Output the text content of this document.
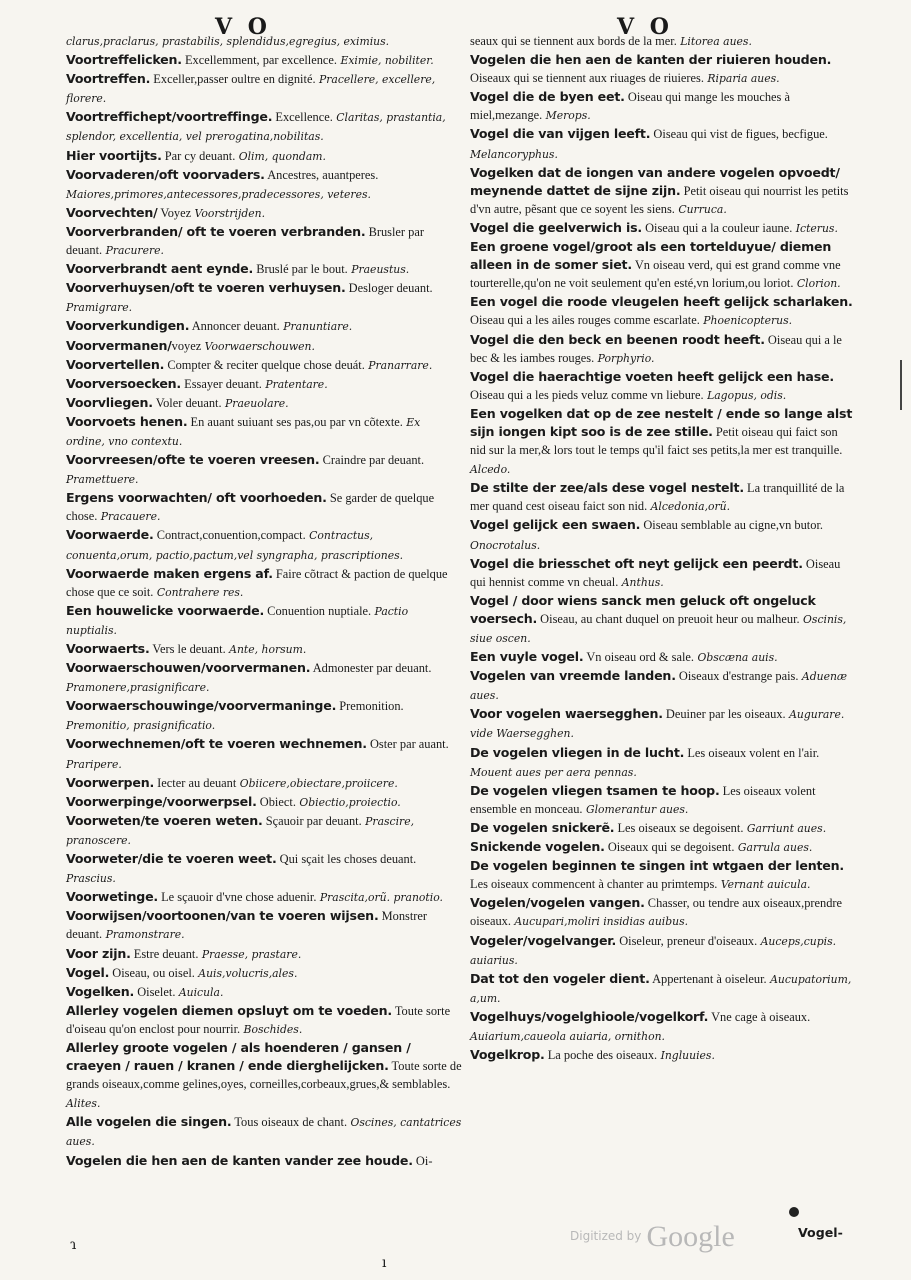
V O	V O

clarus,praclarus, prastabilis, splendidus,egregius, eximius.

Voortreffelicken. Excellemment, par excellence. Eximie, nobiliter.

Voortreffen. Exceller,passer oultre en dignité. Pracellere, excellere, florere.

Voortreffichept/voortreffinge. Excellence. Claritas, prastantia, splendor, excellentia, vel prerogatina,nobilitas.

Hier voortijts. Par cy deuant. Olim, quondam.

Voorvaderen/oft voorvaders. Ancestres, auantperes. Maiores,primores,antecessores,pradecessores, veteres.

Voorvechten/ Voyez Voorstrijden.

Voorverbranden/ oft te voeren verbranden. Brusler par deuant. Pracurere.

Voorverbrandt aent eynde. Bruslé par le bout. Praeustus.

Voorverhuysen/oft te voeren verhuysen. Desloger deuant. Pramigrare.

Voorverkundigen. Annoncer deuant. Pranuntiare.

Voorvermanen/voyez Voorwaerschouwen.

Voorvertellen. Compter & reciter quelque chose deuát. Pranarrare.

Voorversoecken. Essayer deuant. Pratentare.

Voorvliegen. Voler deuant. Praeuolare.

Voorvoets henen. En auant suiuant ses pas,ou par vn cõtexte. Ex ordine, vno contextu.

Voorvreesen/ofte te voeren vreesen. Craindre par deuant. Pramettuere.

Ergens voorwachten/ oft voorhoeden. Se garder de quelque chose. Pracauere.

Voorwaerde. Contract,conuention,compact. Contractus, conuenta,orum, pactio,pactum,vel syngrapha, prascriptiones.

Voorwaerde maken ergens af. Faire cõtract & paction de quelque chose que ce soit. Contrahere res.

Een houwelicke voorwaerde. Conuention nuptiale. Pactio nuptialis.

Voorwaerts. Vers le deuant. Ante, horsum.

Voorwaerschouwen/voorvermanen. Admonester par deuant. Pramonere,prasignificare.

Voorwaerschouwinge/voorvermaninge. Premonition. Premonitio, prasignificatio.

Voorwechnemen/oft te voeren wechnemen. Oster par auant. Praripere.

Voorwerpen. Iecter au deuant Obiicere,obiectare,proiicere.

Voorwerpinge/voorwerpsel. Obiect. Obiectio,proiectio.

Voorweten/te voeren weten. Sçauoir par deuant. Prascire, pranoscere.

Voorweter/die te voeren weet. Qui sçait les choses deuant. Prascius.

Voorwetinge. Le sçauoir d'vne chose aduenir. Prascita,orũ. pranotio.

Voorwijsen/voortoonen/van te voeren wijsen. Monstrer deuant. Pramonstrare.

Voor zijn. Estre deuant. Praesse, prastare.

Vogel. Oiseau, ou oisel. Auis,volucris,ales.

Vogelken. Oiselet. Auicula.

Allerley vogelen diemen opsluyt om te voeden. Toute sorte d'oiseau qu'on enclost pour nourrir. Boschides.

Allerley groote vogelen / als hoenderen / gansen / craeyen / rauen / kranen / ende dierghelijcken. Toute sorte de grands oiseaux,comme gelines,oyes, corneilles,corbeaux,grues,& semblables. Alites.

Alle vogelen die singen. Tous oiseaux de chant. Oscines, cantatrices aues.

Vogelen die hen aen de kanten vander zee houde. Oi-

seaux qui se tiennent aux bords de la mer. Litorea aues.

Vogelen die hen aen de kanten der riuieren houden. Oiseaux qui se tiennent aux riuages de riuieres. Riparia aues.

Vogel die de byen eet. Oiseau qui mange les mouches à miel,mezange. Merops.

Vogel die van vijgen leeft. Oiseau qui vist de figues, becfigue. Melancoryphus.

Vogelken dat de iongen van andere vogelen opvoedt/ meynende dattet de sijne zijn. Petit oiseau qui nourrist les petits d'vn autre, pẽsant que ce soyent les siens. Curruca.

Vogel die geelverwich is. Oiseau qui a la couleur iaune. Icterus.

Een groene vogel/groot als een tortelduyue/ diemen alleen in de somer siet. Vn oiseau verd, qui est grand comme vne tourterelle,qu'on ne voit seulement qu'en esté,vn lorium,ou loriot. Clorion.

Een vogel die roode vleugelen heeft gelijck scharlaken. Oiseau qui a les ailes rouges comme escarlate. Phoenicopterus.

Vogel die den beck en beenen roodt heeft. Oiseau qui a le bec & les iambes rouges. Porphyrio.

Vogel die haerachtige voeten heeft gelijck een hase. Oiseau qui a les pieds veluz comme vn liebure. Lagopus, odis.

Een vogelken dat op de zee nestelt / ende so lange alst sijn iongen kipt soo is de zee stille. Petit oiseau qui faict son nid sur la mer,& lors tout le temps qu'il faict ses petits,la mer est tranquille. Alcedo.

De stilte der zee/als dese vogel nestelt. La tranquillité de la mer quand cest oiseau faict son nid. Alcedonia,orũ.

Vogel gelijck een swaen. Oiseau semblable au cigne,vn butor. Onocrotalus.

Vogel die briesschet oft neyt gelijck een peerdt. Oiseau qui hennist comme vn cheual. Anthus.

Vogel / door wiens sanck men geluck oft ongeluck voersech. Oiseau, au chant duquel on preuoit heur ou malheur. Oscinis, siue oscen.

Een vuyle vogel. Vn oiseau ord & sale. Obscæna auis.

Vogelen van vreemde landen. Oiseaux d'estrange pais. Aduenæ aues.

Voor vogelen waersegghen. Deuiner par les oiseaux. Augurare. vide Waersegghen.

De vogelen vliegen in de lucht. Les oiseaux volent en l'air. Mouent aues per aera pennas.

De vogelen vliegen tsamen te hoop. Les oiseaux volent ensemble en monceau. Glomerantur aues.

De vogelen snickerẽ. Les oiseaux se degoisent. Garriunt aues.

Snickende vogelen. Oiseaux qui se degoisent. Garrula aues.

De vogelen beginnen te singen int wtgaen der lenten. Les oiseaux commencent à chanter au primtemps. Vernant auicula.

Vogelen/vogelen vangen. Chasser, ou tendre aux oiseaux,prendre oiseaux. Aucupari,moliri insidias auibus.

Vogeler/vogelvanger. Oiseleur, preneur d'oiseaux. Auceps,cupis. auiarius.

Dat tot den vogeler dient. Appertenant à oiseleur. Aucupatorium, a,um.

Vogelhuys/vogelghioole/vogelkorf. Vne cage à oiseaux. Auiarium,caueola auiaria, ornithon.

Vogelkrop. La poche des oiseaux. Ingluuies.

ɿ
ı
Vogel-
$^{Digitized by}$ Google
